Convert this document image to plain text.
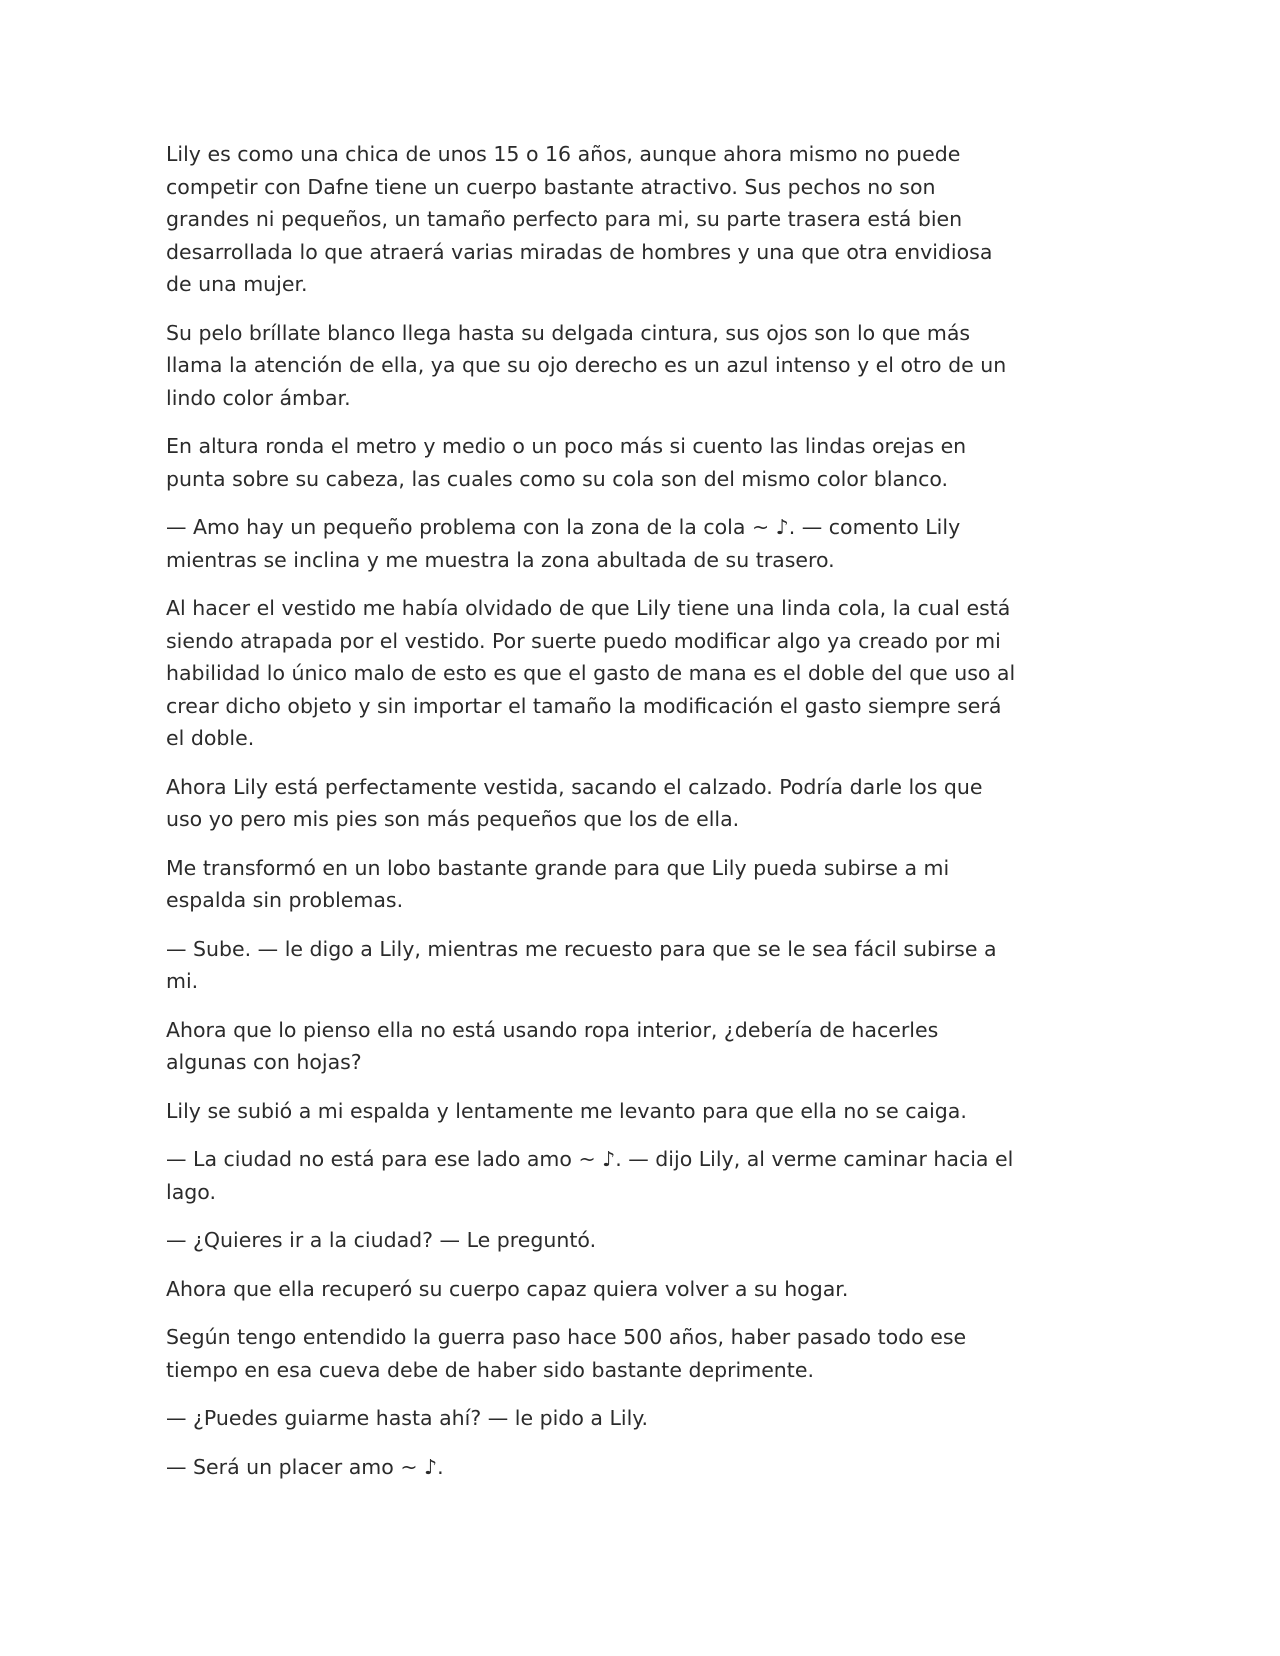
Lily es como una chica de unos 15 o 16 años, aunque ahora mismo no puede competir con Dafne tiene un cuerpo bastante atractivo. Sus pechos no son grandes ni pequeños, un tamaño perfecto para mi, su parte trasera está bien desarrollada lo que atraerá varias miradas de hombres y una que otra envidiosa de una mujer.

Su pelo bríllate blanco llega hasta su delgada cintura, sus ojos son lo que más llama la atención de ella, ya que su ojo derecho es un azul intenso y el otro de un lindo color ámbar.

En altura ronda el metro y medio o un poco más si cuento las lindas orejas en punta sobre su cabeza, las cuales como su cola son del mismo color blanco.

— Amo hay un pequeño problema con la zona de la cola ~ ♪. — comento Lily mientras se inclina y me muestra la zona abultada de su trasero.

Al hacer el vestido me había olvidado de que Lily tiene una linda cola, la cual está siendo atrapada por el vestido. Por suerte puedo modificar algo ya creado por mi habilidad lo único malo de esto es que el gasto de mana es el doble del que uso al crear dicho objeto y sin importar el tamaño la modificación el gasto siempre será el doble.

Ahora Lily está perfectamente vestida, sacando el calzado. Podría darle los que uso yo pero mis pies son más pequeños que los de ella.

Me transformó en un lobo bastante grande para que Lily pueda subirse a mi espalda sin problemas.

— Sube. — le digo a Lily, mientras me recuesto para que se le sea fácil subirse a mi.

Ahora que lo pienso ella no está usando ropa interior, ¿debería de hacerles algunas con hojas?

Lily se subió a mi espalda y lentamente me levanto para que ella no se caiga.

— La ciudad no está para ese lado amo ~ ♪. — dijo Lily, al verme caminar hacia el lago.

— ¿Quieres ir a la ciudad? — Le preguntó.

Ahora que ella recuperó su cuerpo capaz quiera volver a su hogar.

Según tengo entendido la guerra paso hace 500 años, haber pasado todo ese tiempo en esa cueva debe de haber sido bastante deprimente.

— ¿Puedes guiarme hasta ahí? — le pido a Lily.

— Será un placer amo ~ ♪.
